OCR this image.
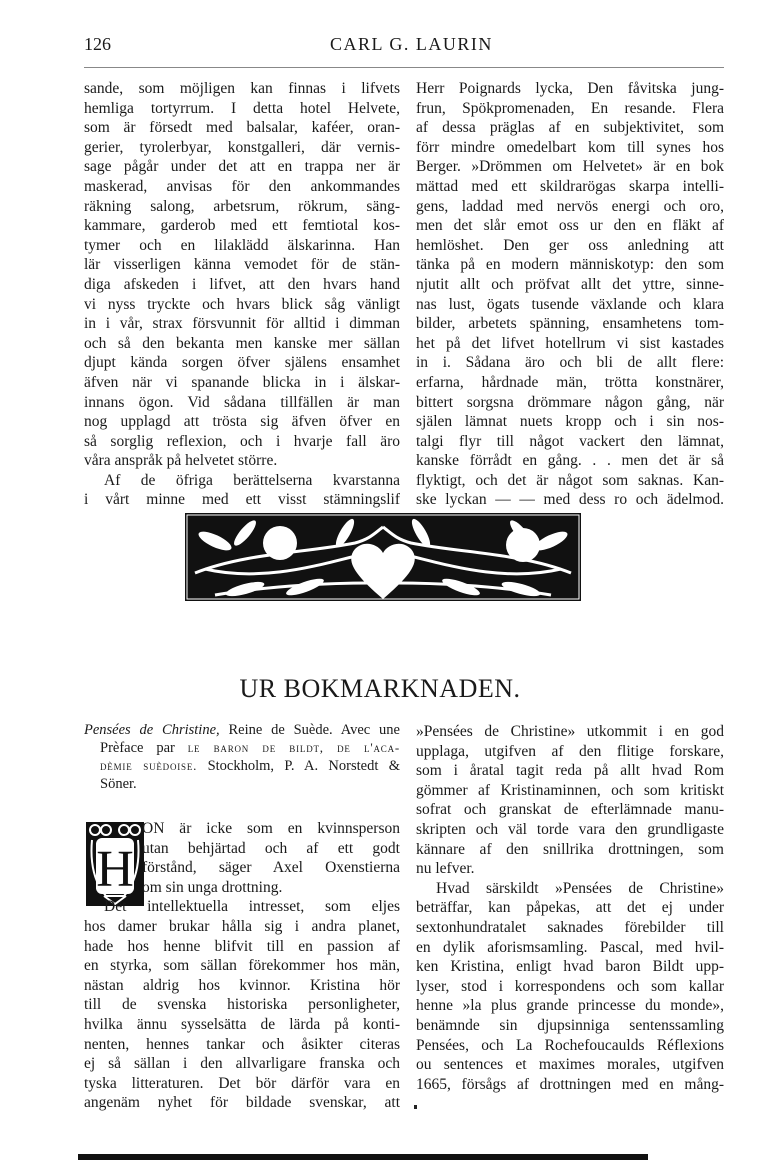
126	CARL G. LAURIN
sande, som möjligen kan finnas i lifvets
hemliga tortyrrum. I detta hotel Helvete,
som är försedt med balsalar, kaféer, oran-
gerier, tyrolerbyar, konstgalleri, där vernis-
sage pågår under det att en trappa ner är
maskerad, anvisas för den ankommandes
räkning salong, arbetsrum, rökrum, säng-
kammare, garderob med ett femtiotal kos-
tymer och en lilaklädd älskarinna. Han
lär visserligen känna vemodet för de stän-
diga afskeden i lifvet, att den hvars hand
vi nyss tryckte och hvars blick såg vänligt
in i vår, strax försvunnit för alltid i dimman
och så den bekanta men kanske mer sällan
djupt kända sorgen öfver själens ensamhet
äfven när vi spanande blicka in i älskar-
innans ögon. Vid sådana tillfällen är man
nog upplagd att trösta sig äfven öfver en
så sorglig reflexion, och i hvarje fall äro
våra anspråk på helvetet större.
Af de öfriga berättelserna kvarstanna
i vårt minne med ett visst stämningslif
Herr Poignards lycka, Den fåvitska jung-
frun, Spökpromenaden, En resande. Flera
af dessa präglas af en subjektivitet, som
förr mindre omedelbart kom till synes hos
Berger. »Drömmen om Helvetet» är en bok
mättad med ett skildrarögas skarpa intelli-
gens, laddad med nervös energi och oro,
men det slår emot oss ur den en fläkt af
hemlöshet. Den ger oss anledning att
tänka på en modern människotyp: den som
njutit allt och pröfvat allt det yttre, sinne-
nas lust, ögats tusende växlande och klara
bilder, arbetets spänning, ensamhetens tom-
het på det lifvet hotellrum vi sist kastades
in i. Sådana äro och bli de allt flere:
erfarna, hårdnade män, trötta konstnärer,
bittert sorgsna drömmare någon gång, när
själen lämnat nuets kropp och i sin nos-
talgi flyr till något vackert den lämnat,
kanske förrådt en gång. . . men det är så
flyktigt, och det är något som saknas. Kan-
ske lyckan — — med dess ro och ädelmod.
UR BOKMARKNADEN.
Pensées de Christine, Reine de Suède. Avec une
Prèface par le baron de bildt, de l'aca-
dèmie suèdoise. Stockholm, P. A. Norstedt &
Söner.
H
ON är icke som en kvinnsperson
utan behjärtad och af ett godt
förstånd, säger Axel Oxenstierna
om sin unga drottning.
Det intellektuella intresset, som eljes
hos damer brukar hålla sig i andra planet,
hade hos henne blifvit till en passion af
en styrka, som sällan förekommer hos män,
nästan aldrig hos kvinnor. Kristina hör
till de svenska historiska personligheter,
hvilka ännu sysselsätta de lärda på konti-
nenten, hennes tankar och åsikter citeras
ej så sällan i den allvarligare franska och
tyska litteraturen. Det bör därför vara en
angenäm nyhet för bildade svenskar, att
»Pensées de Christine» utkommit i en god
upplaga, utgifven af den flitige forskare,
som i åratal tagit reda på allt hvad Rom
gömmer af Kristinaminnen, och som kritiskt
sofrat och granskat de efterlämnade manu-
skripten och väl torde vara den grundligaste
kännare af den snillrika drottningen, som
nu lefver.
Hvad särskildt »Pensées de Christine»
beträffar, kan påpekas, att det ej under
sextonhundratalet saknades förebilder till
en dylik aforismsamling. Pascal, med hvil-
ken Kristina, enligt hvad baron Bildt upp-
lyser, stod i korrespondens och som kallar
henne »la plus grande princesse du monde»,
benämnde sin djupsinniga sentenssamling
Pensées, och La Rochefoucaulds Réflexions
ou sentences et maximes morales, utgifven
1665, försågs af drottningen med en mång-
